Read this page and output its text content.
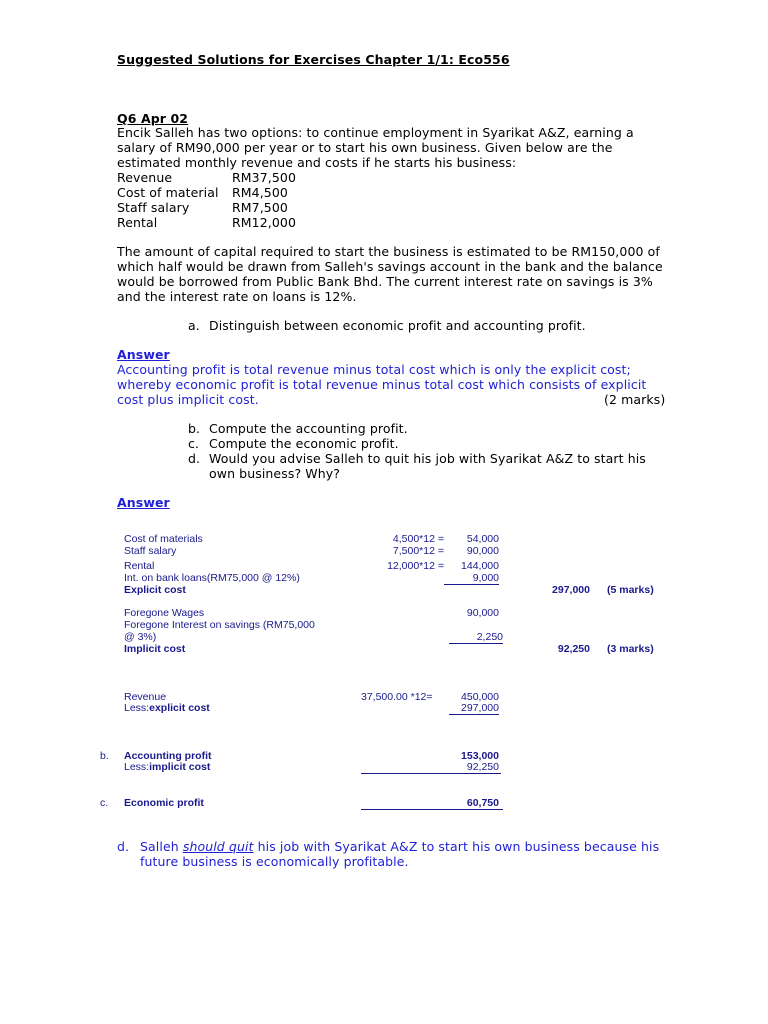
Suggested Solutions for Exercises Chapter 1/1: Eco556
Q6 Apr 02
Encik Salleh has two options: to continue employment in Syarikat A&Z, earning a
salary of RM90,000 per year or to start his own business. Given below are the
estimated monthly revenue and costs if he starts his business:
Revenue	RM37,500
Cost of material RM4,500
Staff salary	RM7,500
Rental	RM12,000
The amount of capital required to start the business is estimated to be RM150,000 of
which half would be drawn from Salleh's savings account in the bank and the balance
would be borrowed from Public Bank Bhd. The current interest rate on savings is 3%
and the interest rate on loans is 12%.
a. Distinguish between economic profit and accounting profit.
Answer
Accounting profit is total revenue minus total cost which is only the explicit cost;
whereby economic profit is total revenue minus total cost which consists of explicit
cost plus implicit cost.	(2 marks)
b. Compute the accounting profit.
c. Compute the economic profit.
d. Would you advise Salleh to quit his job with Syarikat A&Z to start his
own business? Why?
Answer
Cost of materials	4,500*12 =	54,000
Staff salary	7,500*12 =	90,000
Rental	12,000*12 =	144,000
Int. on bank loans(RM75,000 @ 12%)	9,000
Explicit cost	297,000 (5 marks)
Foregone Wages	90,000
Foregone Interest on savings (RM75,000
@ 3%)	2,250
Implicit cost	92,250 (3 marks)
Revenue	37,500.00 *12=	450,000
Less:explicit cost	297,000
b. Accounting profit	153,000
Less:implicit cost	92,250
c. Economic profit	60,750
d. Salleh should quit his job with Syarikat A&Z to start his own business because his
future business is economically profitable.
